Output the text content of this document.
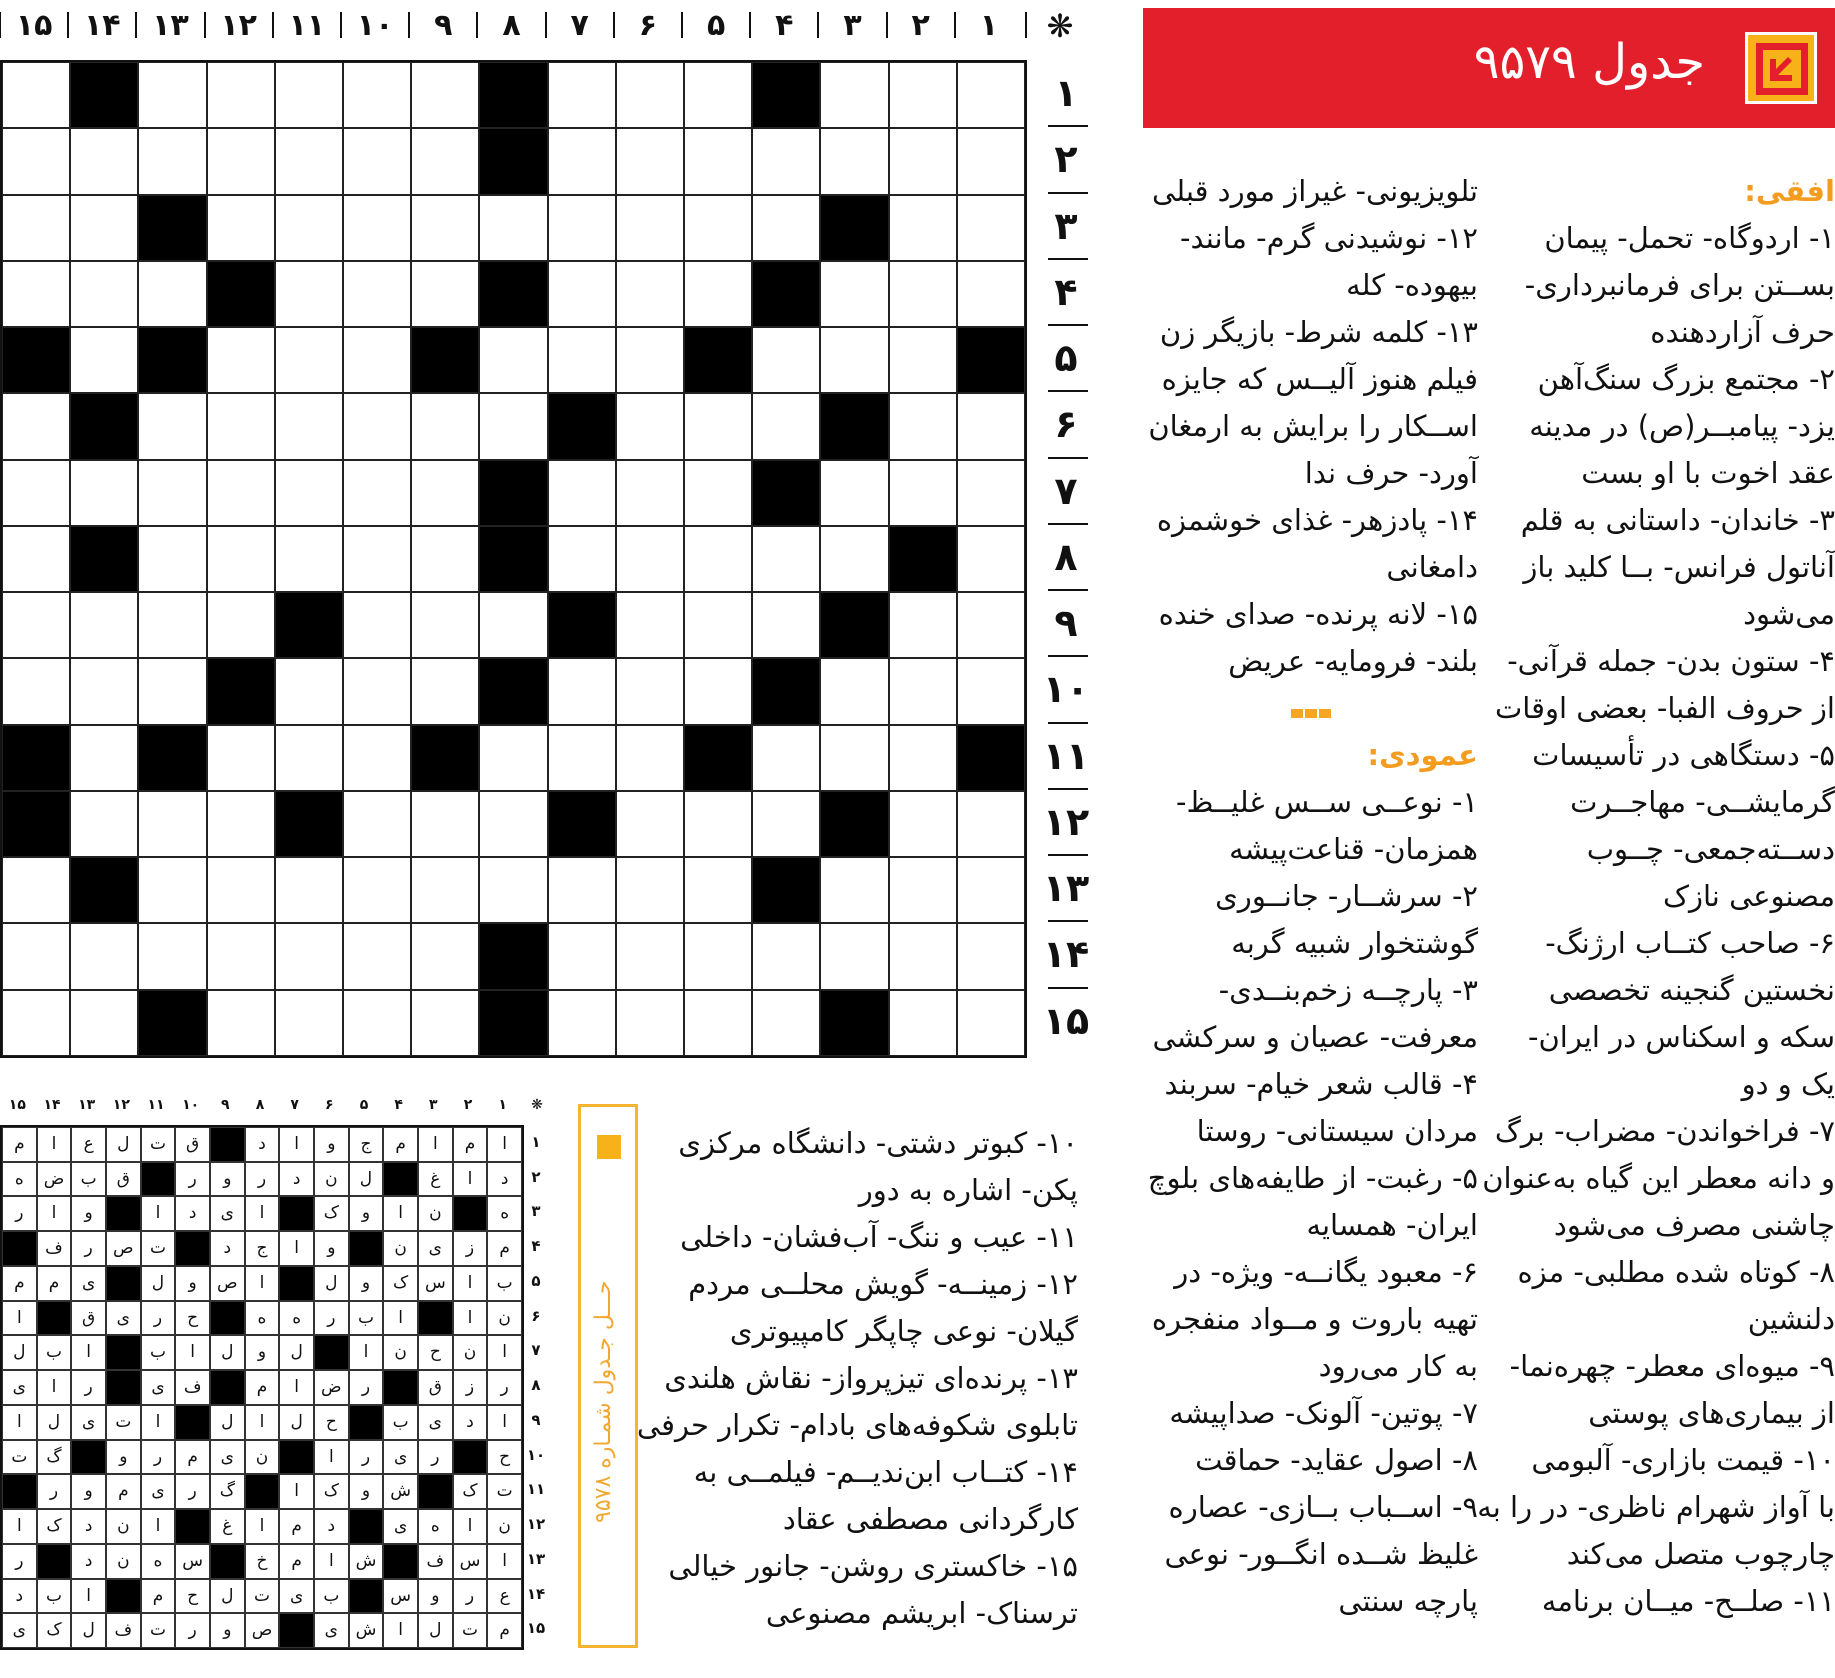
❋
۱
۲
۳
۴
۵
۶
۷
۸
۹
۱۰
۱۱
۱۲
۱۳
۱۴
۱۵
۱
۲
۳
۴
۵
۶
۷
۸
۹
۱۰
۱۱
۱۲
۱۳
۱۴
۱۵
جدول ۹۵۷۹
افقی:
۱- اردوگاه- تحمل- پیمان
بســتن برای فرمانبرداری-
حرف آزاردهنده
۲- مجتمع بزرگ سنگ‌آهن
یزد- پیامبــر(ص) در مدینه
عقد اخوت با او بست
۳- خاندان- داستانی به قلم
آناتول فرانس- بــا کلید باز
می‌شود
۴- ستون بدن- جمله قرآنی-
از حروف الفبا- بعضی اوقات
۵- دستگاهی در تأسیسات
گرمایشــی- مهاجــرت
دســته‌جمعی- چــوب
مصنوعی نازک
۶- صاحب کتــاب ارژنگ-
نخستین گنجینه تخصصی
سکه و اسکناس در ایران-
یک و دو
۷- فراخواندن- مضراب- برگ
و دانه معطر این گیاه به‌عنوان
چاشنی مصرف می‌شود
۸- کوتاه شده مطلبی- مزه
دلنشین
۹- میوه‌ای معطر- چهره‌نما-
از بیماری‌های پوستی
۱۰- قیمت بازاری- آلبومی
با آواز شهرام ناظری- در را به
چارچوب متصل می‌کند
۱۱- صلــح- میــان برنامه
تلویزیونی- غیراز مورد قبلی
۱۲- نوشیدنی گرم- مانند-
بیهوده- کله
۱۳- کلمه شرط- بازیگر زن
فیلم هنوز آلیــس که جایزه
اســکار را برایش به ارمغان
آورد- حرف ندا
۱۴- پادزهر- غذای خوشمزه
دامغانی
۱۵- لانه پرنده- صدای خنده
بلند- فرومایه- عریض
عمودی:
۱- نوعــی ســس غلیــظ-
همزمان- قناعت‌پیشه
۲- سرشــار- جانــوری
گوشتخوار شبیه گربه
۳- پارچــه زخم‌بنــدی-
معرفت- عصیان و سرکشی
۴- قالب شعر خیام- سربند
مردان سیستانی- روستا
۵- رغبت- از طایفه‌های بلوچ
ایران- همسایه
۶- معبود یگانــه- ویژه- در
تهیه باروت و مــواد منفجره
به کار می‌رود
۷- پوتین- آلونک- صداپیشه
۸- اصول عقاید- حماقت
۹- اســباب بــازی- عصاره
غلیظ شــده انگــور- نوعی
پارچه سنتی
❋
۱
۲
۳
۴
۵
۶
۷
۸
۹
۱۰
۱۱
۱۲
۱۳
۱۴
۱۵
ا
م
ا
م
ج
و
ا
د
ق
ت
ل
ع
ا
م
د
ا
غ
ل
ن
د
ر
و
ر
ق
ب
ض
ه
ه
ن
ا
و
ک
ا
ی
د
ا
و
ا
ر
م
ز
ی
ن
و
ا
ج
د
ت
ص
ر
ف
ب
ا
س
ک
و
ل
ا
ص
و
ل
ی
م
م
ن
ا
ا
ب
ر
ه
ه
ح
ر
ی
ق
ا
ا
ن
ح
ن
ا
ل
و
ل
ا
ب
ا
ب
ل
ر
ز
ق
ر
ض
ا
م
ف
ی
ر
ا
ی
ا
د
ی
ب
ح
ل
ا
ل
ا
ت
ی
ل
ا
ح
ر
ی
ر
ا
ن
ی
م
ر
و
گ
ت
ت
ک
ش
و
ک
ا
گ
ر
ی
م
و
ر
ن
ا
ه
ی
د
م
ا
غ
ا
ن
د
ک
ا
ا
س
ف
ش
ا
م
خ
س
ه
ن
د
ر
ع
ر
و
س
ب
ی
ت
ل
ح
م
ا
ب
د
م
ت
ل
ا
ش
ی
ص
و
ر
ت
ف
ل
ک
ی
۱
۲
۳
۴
۵
۶
۷
۸
۹
۱۰
۱۱
۱۲
۱۳
۱۴
۱۵
حـــل جـدول شمـاره ۹۵۷۸
۱۰- کبوتر دشتی- دانشگاه مرکزی
پکن- اشاره به دور
۱۱- عیب و ننگ- آب‌فشان- داخلی
۱۲- زمینــه- گویش محلــی مردم
گیلان- نوعی چاپگر کامپیوتری
۱۳- پرنده‌ای تیزپرواز- نقاش هلندی
تابلوی شکوفه‌های بادام- تکرار حرفی
۱۴- کتــاب ابن‌ندیــم- فیلمــی به
کارگردانی مصطفی عقاد
۱۵- خاکستری روشن- جانور خیالی
ترسناک- ابریشم مصنوعی
